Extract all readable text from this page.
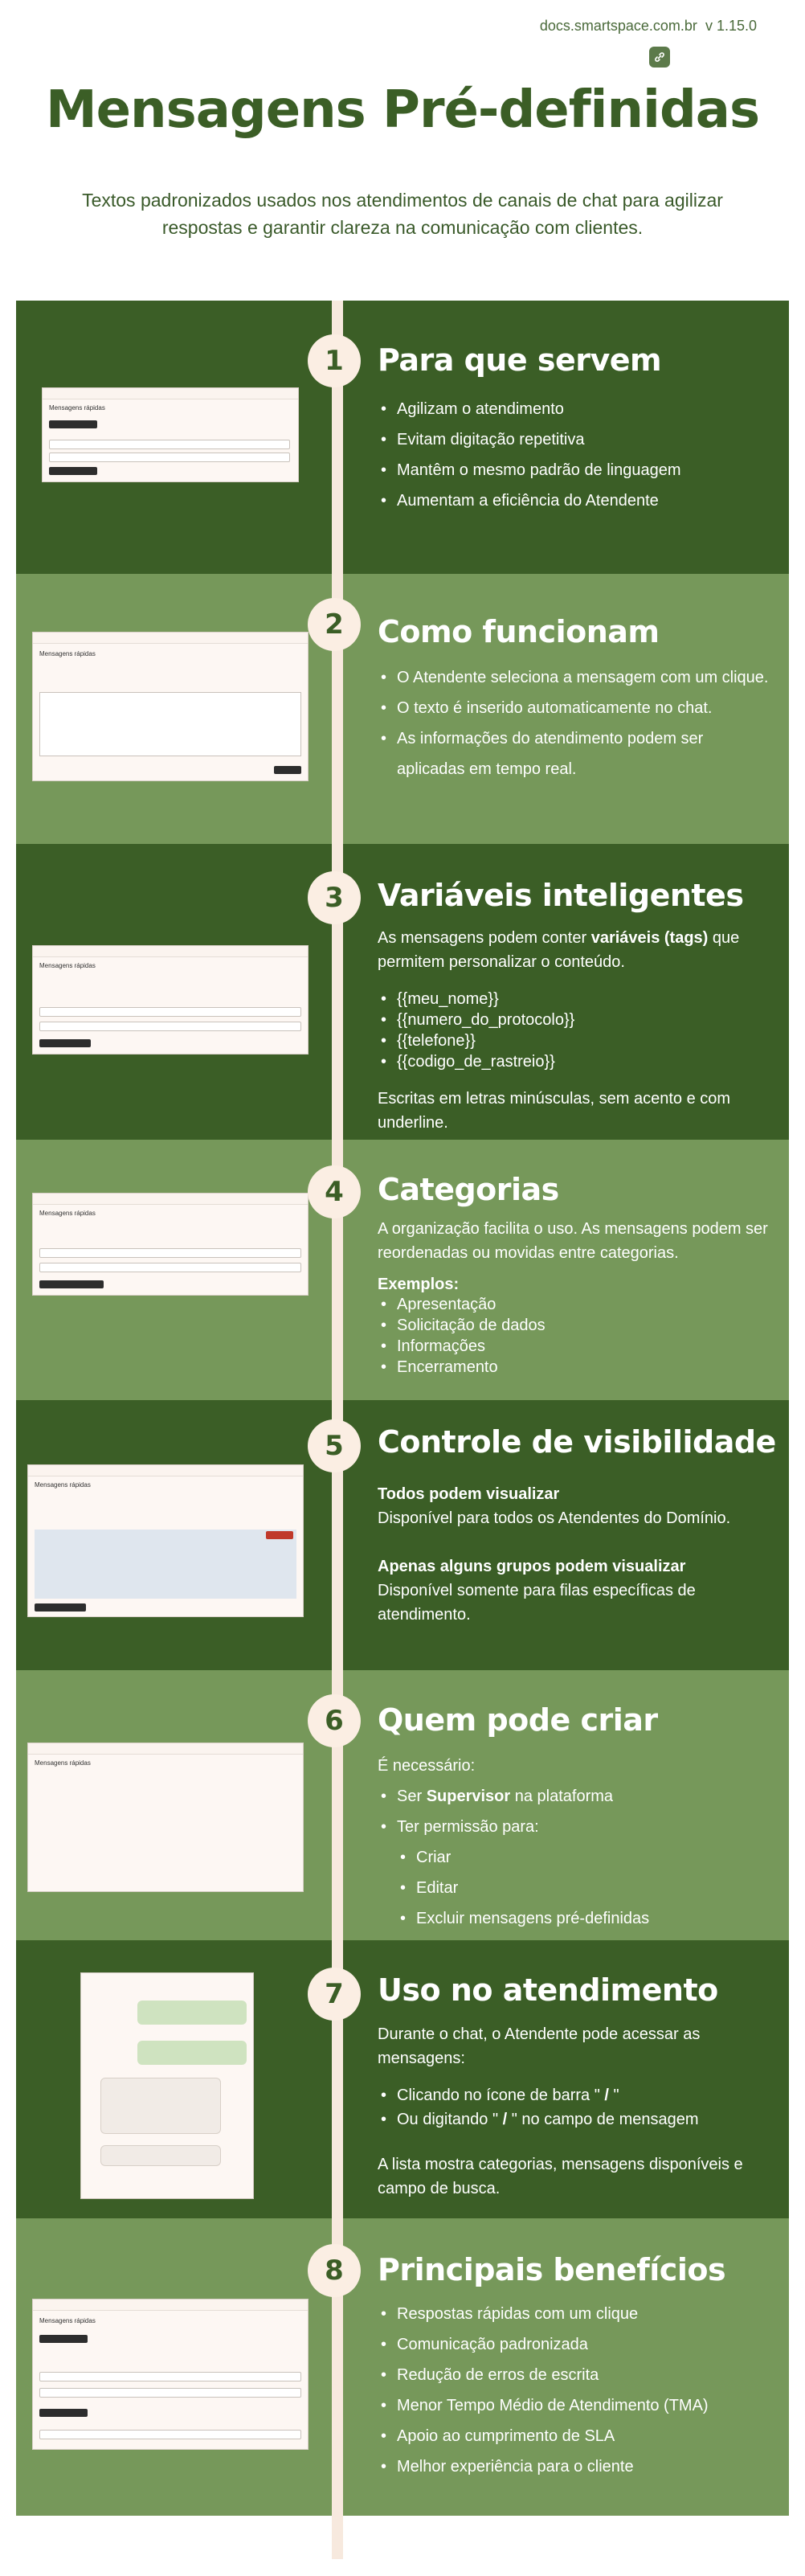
docs.smartspace.com.br v 1.15.0
Mensagens Pré-definidas

Textos padronizados usados nos atendimentos de canais de chat para agilizar respostas e garantir clareza na comunicação com clientes.

Mensagens rápidas
Para que servem
• Agilizam o atendimento
• Evitam digitação repetitiva
• Mantêm o mesmo padrão de linguagem
• Aumentam a eficiência do Atendente
Mensagens rápidas
Como funcionam
• O Atendente seleciona a mensagem com um clique.
• O texto é inserido automaticamente no chat.
• As informações do atendimento podem ser aplicadas em tempo real.
Mensagens rápidas
Variáveis inteligentes

As mensagens podem conter variáveis (tags) que permitem personalizar o conteúdo.

• {{meu_nome}}
• {{numero_do_protocolo}}
• {{telefone}}
• {{codigo_de_rastreio}}

Escritas em letras minúsculas, sem acento e com underline.

Mensagens rápidas
Categorias

A organização facilita o uso. As mensagens podem ser reordenadas ou movidas entre categorias.

Exemplos:

• Apresentação
• Solicitação de dados
• Informações
• Encerramento
Mensagens rápidas
Controle de visibilidade

Todos podem visualizar

Disponível para todos os Atendentes do Domínio.

Apenas alguns grupos podem visualizar

Disponível somente para filas específicas de atendimento.

Mensagens rápidas
Quem pode criar

É necessário:

• Ser Supervisor na plataforma
• Ter permissão para:
• Criar
• Editar
• Excluir mensagens pré-definidas
Uso no atendimento

Durante o chat, o Atendente pode acessar as mensagens:

• Clicando no ícone de barra " / "
• Ou digitando " / " no campo de mensagem

A lista mostra categorias, mensagens disponíveis e campo de busca.

Mensagens rápidas
Principais benefícios
• Respostas rápidas com um clique
• Comunicação padronizada
• Redução de erros de escrita
• Menor Tempo Médio de Atendimento (TMA)
• Apoio ao cumprimento de SLA
• Melhor experiência para o cliente
1
2
3
4
5
6
7
8
